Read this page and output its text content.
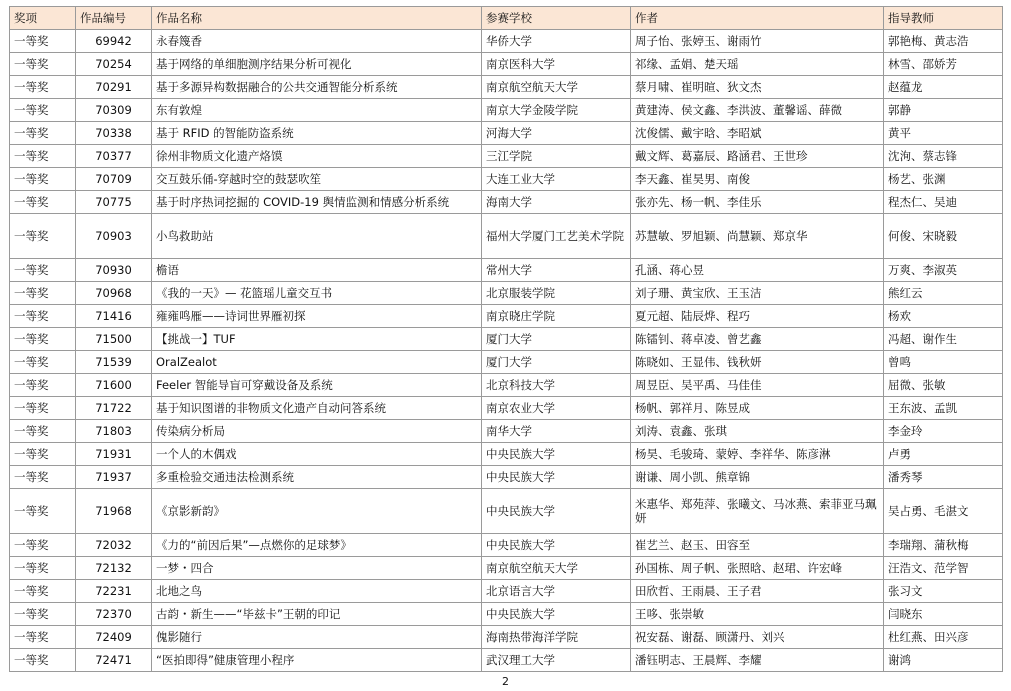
奖项	作品编号	作品名称	参赛学校	作者	指导教师
一等奖	69942	永春篾香	华侨大学	周子怡、张婷玉、谢雨竹	郭艳梅、黄志浩
一等奖	70254	基于网络的单细胞测序结果分析可视化	南京医科大学	祁缘、孟娟、楚天瑶	林雪、邵娇芳
一等奖	70291	基于多源异构数据融合的公共交通智能分析系统	南京航空航天大学	蔡月啸、崔明暄、狄文杰	赵蕴龙
一等奖	70309	东有敦煌	南京大学金陵学院	黄建涛、侯文鑫、李洪波、董馨谣、薛微	郭静
一等奖	70338	基于 RFID 的智能防盗系统	河海大学	沈俊儒、戴宇晗、李昭斌	黄平
一等奖	70377	徐州非物质文化遗产烙馍	三江学院	戴文辉、葛嘉辰、路涵君、王世珍	沈洵、蔡志锋
一等奖	70709	交互鼓乐俑-穿越时空的鼓瑟吹笙	大连工业大学	李天鑫、崔昊男、南俊	杨艺、张渊
一等奖	70775	基于时序热词挖掘的 COVID-19 舆情监测和情感分析系统	海南大学	张亦先、杨一帆、李佳乐	程杰仁、吴迪
一等奖	70903	小鸟救助站	福州大学厦门工艺美术学院	苏慧敏、罗旭颖、尚慧颖、郑京华	何俊、宋晓毅
一等奖	70930	檐语	常州大学	孔涵、蒋心昱	万爽、李淑英
一等奖	70968	《我的一天》— 花篮瑶儿童交互书	北京服装学院	刘子珊、黄宝欣、王玉洁	熊红云
一等奖	71416	雍雍鸣雁——诗词世界雁初探	南京晓庄学院	夏元超、陆辰烨、程巧	杨欢
一等奖	71500	【挑战一】TUF	厦门大学	陈镭钊、蒋卓凌、曾艺鑫	冯超、谢作生
一等奖	71539	OralZealot	厦门大学	陈晓如、王显伟、钱秋妍	曾鸣
一等奖	71600	Feeler 智能导盲可穿戴设备及系统	北京科技大学	周昱臣、吴平禹、马佳佳	屈微、张敏
一等奖	71722	基于知识图谱的非物质文化遗产自动问答系统	南京农业大学	杨帆、郭祥月、陈昱成	王东波、孟凯
一等奖	71803	传染病分析局	南华大学	刘涛、袁鑫、张琪	李金玲
一等奖	71931	一个人的木偶戏	中央民族大学	杨昊、毛骏琦、蒙婷、李祥华、陈彦淋	卢勇
一等奖	71937	多重检验交通违法检测系统	中央民族大学	谢谦、周小凯、熊章锦	潘秀琴
一等奖	71968	《京影新韵》	中央民族大学	米惠华、郑苑萍、张曦文、马冰燕、索菲亚马珮妍	吴占勇、毛湛文
一等奖	72032	《力的“前因后果”—点燃你的足球梦》	中央民族大学	崔艺兰、赵玉、田容至	李瑞翔、蒲秋梅
一等奖	72132	一梦・四合	南京航空航天大学	孙国栋、周子帆、张照晗、赵珺、许宏峰	汪浩文、范学智
一等奖	72231	北地之鸟	北京语言大学	田欣哲、王雨晨、王子君	张习文
一等奖	72370	古韵・新生——“毕兹卡”王朝的印记	中央民族大学	王哆、张崇敏	闫晓东
一等奖	72409	傀影随行	海南热带海洋学院	祝安磊、谢磊、顾潇丹、刘兴	杜红燕、田兴彦
一等奖	72471	“医拍即得”健康管理小程序	武汉理工大学	潘钰明志、王晨辉、李耀	谢鸿
2
